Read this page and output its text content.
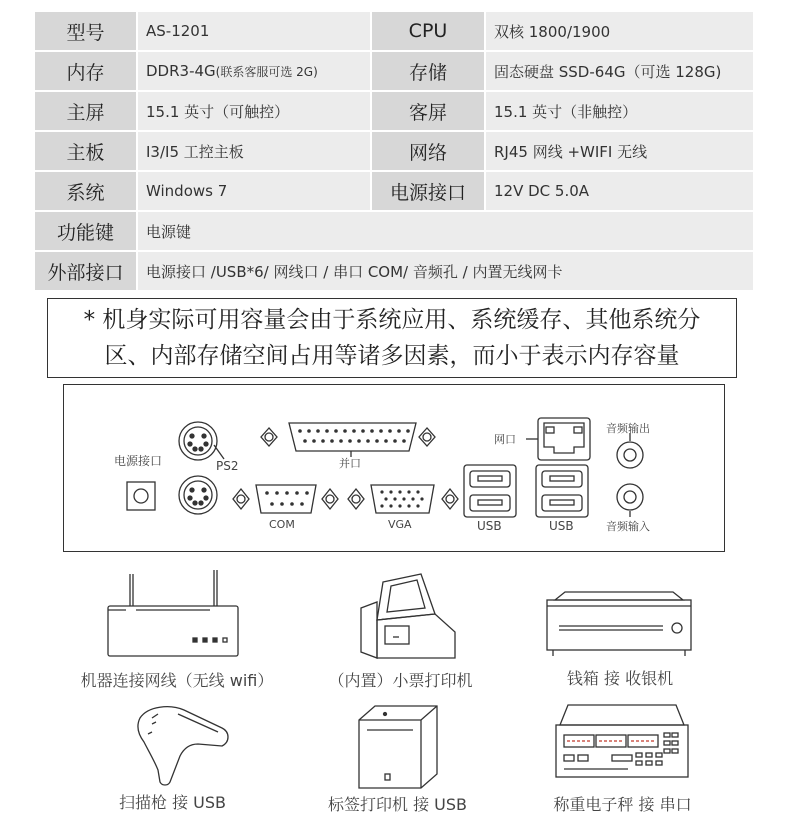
型号	AS-1201	CPU	双核 1800/1900
内存	DDR3-4G (联系客服可选 2G)	存储	固态硬盘 SSD-64G（可选 128G)
主屏	15.1 英寸（可触控）	客屏	15.1 英寸（非触控）
主板	I3/I5 工控主板	网络	RJ45 网线 +WIFI 无线
系统	Windows 7	电源接口	12V DC 5.0A
功能键	电源键
外部接口	电源接口 /USB*6/ 网线口 / 串口 COM/ 音频孔 / 内置无线网卡
* 机身实际可用容量会由于系统应用、系统缓存、其他系统分
区、内部存储空间占用等诸多因素，而小于表示内存容量
电源接口	PS2	并口
COM	VGA
网口
USB	USB
音频输出
音频输入
机器连接网线（无线 wifi）	（内置）小票打印机	钱箱 接 收银机
扫描枪 接 USB	标签打印机 接 USB	称重电子秤 接 串口
